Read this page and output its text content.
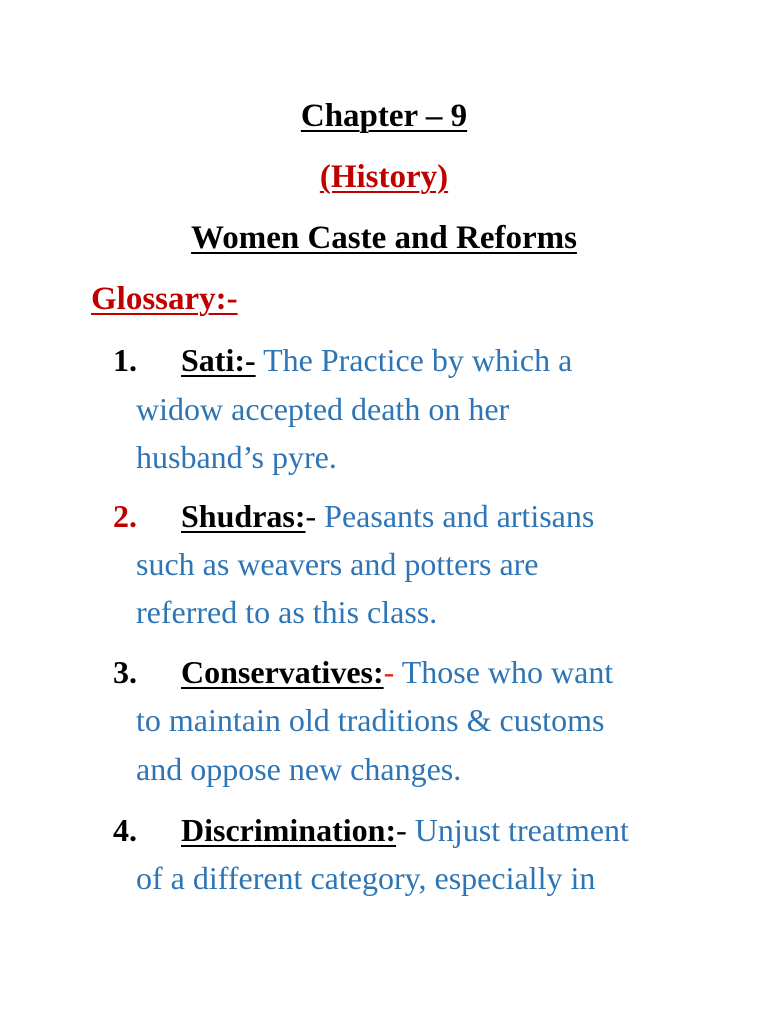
Chapter – 9
(History)
Women Caste and Reforms
Glossary:-
1. Sati:- The Practice by which a
widow accepted death on her
husband’s pyre.
2. Shudras:- Peasants and artisans
such as weavers and potters are
referred to as this class.
3. Conservatives:- Those who want
to maintain old traditions & customs
and oppose new changes.
4. Discrimination:- Unjust treatment
of a different category, especially in
